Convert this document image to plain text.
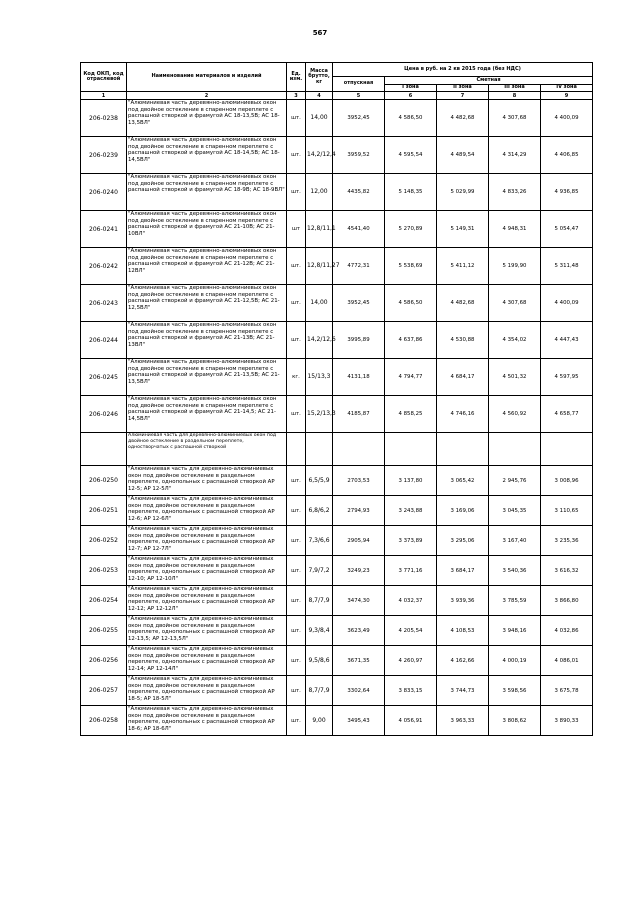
567
Код ОКП, код отраслевой	Наименование материалов и изделий	Ед. изм.	Масса брутто, кг	Цена в руб. на 2 кв 2015 года (без НДС)				
				отпускная	Сметная			
					I зона	II зона	III зона	IV зона
1	2	3	4	5	6	7	8	9
206-0238	"Алюминиевая часть деревянно-алюминиевых окон под двойное остекление в спаренном переплете с распашной створкой и фрамугой АС 18-13,5В; АС 18-13,5ВЛ"	шт.	14,00	3952,45	4 586,50	4 482,68	4 307,68	4 400,09
206-0239	"Алюминиевая часть деревянно-алюминиевых окон под двойное остекление в спаренном переплете с распашной створкой и фрамугой АС 18-14,5В; АС 18-14,5ВЛ"	шт.	14,2/12,4	3959,52	4 595,54	4 489,54	4 314,29	4 406,85
206-0240	"Алюминиевая часть деревянно-алюминиевых окон под двойное остекление в спаренном переплете с распашной створкой и фрамугой АС 18-9В; АС 18-9ВЛ"	шт.	12,00	4435,82	5 148,35	5 029,99	4 833,26	4 936,85
206-0241	"Алюминиевая часть деревянно-алюминиевых окон под двойное остекление в спаренном переплете с распашной створкой и фрамугой АС 21-10В; АС 21-10ВЛ"	шт	12,8/11,1	4541,40	5 270,89	5 149,31	4 948,31	5 054,47
206-0242	"Алюминиевая часть деревянно-алюминиевых окон под двойное остекление в спаренном переплете с распашной створкой и фрамугой АС 21-12В; АС 21-12ВЛ"	шт.	12,8/11,27	4772,31	5 538,69	5 411,12	5 199,90	5 311,48
206-0243	"Алюминиевая часть деревянно-алюминиевых окон под двойное остекление в спаренном переплете с распашной створкой и фрамугой АС 21-12,5В; АС 21-12,5ВЛ"	шт.	14,00	3952,45	4 586,50	4 482,68	4 307,68	4 400,09
206-0244	"Алюминиевая часть деревянно-алюминиевых окон под двойное остекление в спаренном переплете с распашной створкой и фрамугой АС 21-13В; АС 21-13ВЛ"	шт.	14,2/12,6	3995,89	4 637,86	4 530,88	4 354,02	4 447,43
206-0245	"Алюминиевая часть деревянно-алюминиевых окон под двойное остекление в спаренном переплете с распашной створкой и фрамугой АС 21-13,5В; АС 21-13,5ВЛ"	кг.	15/13,3	4131,18	4 794,77	4 684,17	4 501,32	4 597,95
206-0246	"Алюминиевая часть деревянно-алюминиевых окон под двойное остекление в спаренном переплете с распашной створкой и фрамугой АС 21-14,5; АС 21-14,5ВЛ"	шт.	15,2/13,3	4185,87	4 858,25	4 746,16	4 560,92	4 658,77
	Алюминиевая часть для деревянно-алюминиевых окон под двойное остекление в раздельном переплете, одностворчатых с распашной створкой							
206-0250	"Алюминиевая часть для деревянно-алюминиевых окон под двойное остекление в раздельном переплете, однопольных с распашной створкой АР 12-5; АР 12-5Л"	шт.	6,5/5,9	2703,53	3 137,80	3 065,42	2 945,76	3 008,96
206-0251	"Алюминиевая часть для деревянно-алюминиевых окон под двойное остекление в раздельном переплете, однопольных с распашной створкой АР 12-6; АР 12-6Л"	шт.	6,8/6,2	2794,93	3 243,88	3 169,06	3 045,35	3 110,65
206-0252	"Алюминиевая часть для деревянно-алюминиевых окон под двойное остекление в раздельном переплете, однопольных с распашной створкой АР 12-7; АР 12-7Л"	шт.	7,3/6,6	2905,94	3 373,89	3 295,06	3 167,40	3 235,36
206-0253	"Алюминиевая часть для деревянно-алюминиевых окон под двойное остекление в раздельном переплете, однопольных с распашной створкой АР 12-10; АР 12-10Л"	шт.	7,9/7,2	3249,23	3 771,16	3 684,17	3 540,36	3 616,32
206-0254	"Алюминиевая часть для деревянно-алюминиевых окон под двойное остекление в раздельном переплете, однопольных с распашной створкой АР 12-12; АР 12-12Л"	шт.	8,7/7,9	3474,30	4 032,37	3 939,36	3 785,59	3 866,80
206-0255	"Алюминиевая часть для деревянно-алюминиевых окон под двойное остекление в раздельном переплете, однопольных с распашной створкой АР 12-13,5; АР 12-13,5Л"	шт.	9,3/8,4	3623,49	4 205,54	4 108,53	3 948,16	4 032,86
206-0256	"Алюминиевая часть для деревянно-алюминиевых окон под двойное остекление в раздельном переплете, однопольных с распашной створкой АР 12-14; АР 12-14Л"	шт.	9,5/8,6	3671,35	4 260,97	4 162,66	4 000,19	4 086,01
206-0257	"Алюминиевая часть для деревянно-алюминиевых окон под двойное остекление в раздельном переплете, однопольных с распашной створкой АР 18-5; АР 18-5Л"	шт.	8,7/7,9	3302,64	3 833,15	3 744,73	3 598,56	3 675,78
206-0258	"Алюминиевая часть для деревянно-алюминиевых окон под двойное остекление в раздельном переплете, однопольных с распашной створкой АР 18-6; АР 18-6Л"	шт.	9,00	3495,43	4 056,91	3 963,33	3 808,62	3 890,33
